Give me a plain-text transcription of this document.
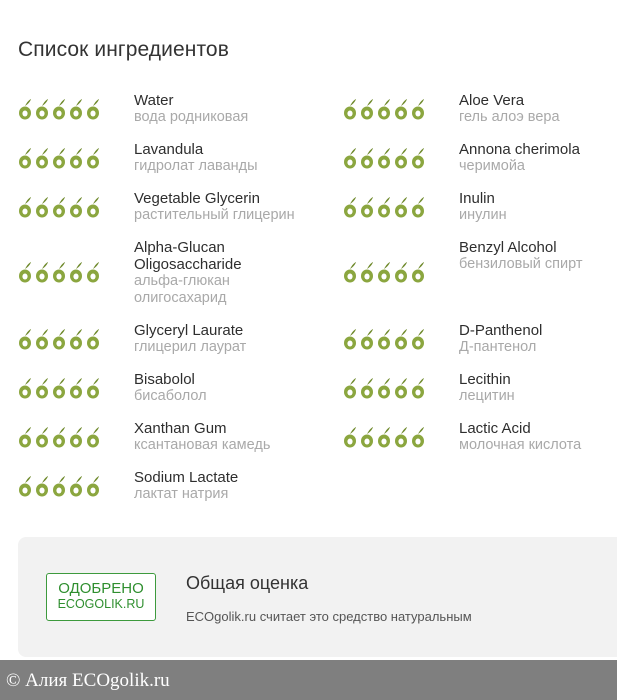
Список ингредиентов
Water
вода родниковая
Lavandula
гидролат лаванды
Vegetable Glycerin
растительный глицерин
Alpha-Glucan
Oligosaccharide
альфа-глюкан
олигосахарид
Glyceryl Laurate
глицерил лаурат
Bisabolol
бисаболол
Xanthan Gum
ксантановая камедь
Sodium Lactate
лактат натрия
Aloe Vera
гель алоэ вера
Annona cherimola
черимойа
Inulin
инулин
Benzyl Alcohol
бензиловый спирт
D-Panthenol
Д-пантенол
Lecithin
лецитин
Lactic Acid
молочная кислота
ОДОБРЕНО
ECOGOLIK.RU
Общая оценка
ECOgolik.ru считает это средство натуральным
© Алия ECOgolik.ru
